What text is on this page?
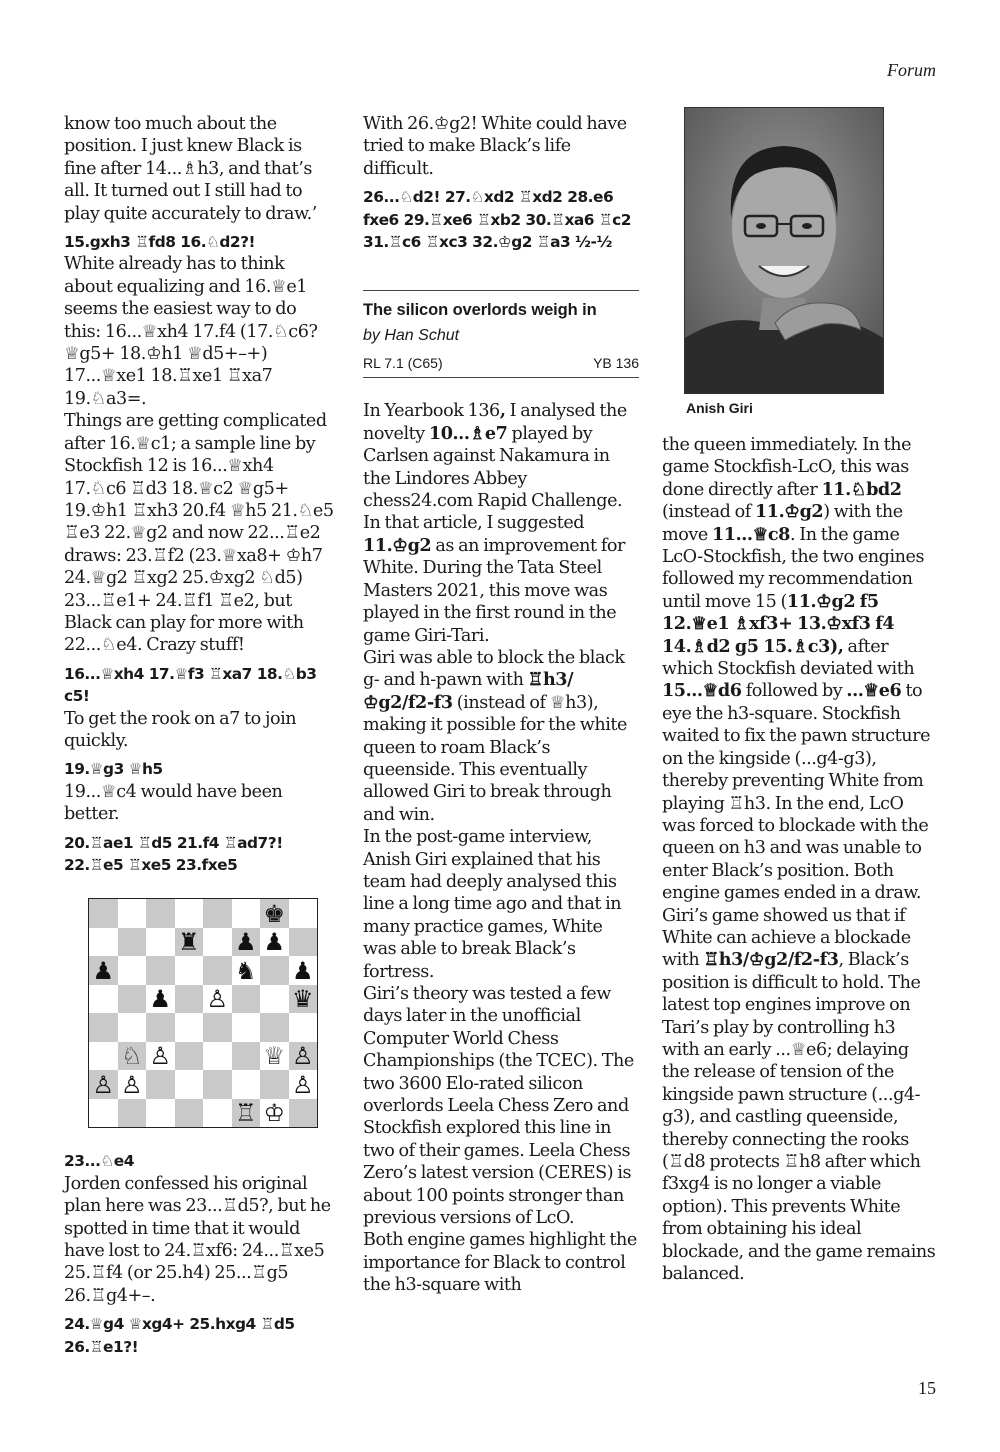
Forum
know too much about the position. I just knew Black is fine after 14...♗h3, and that’s all. It turned out I still had to play quite accurately to draw.’
15.gxh3 ♖fd8 16.♘d2?!
White already has to think about equalizing and 16.♕e1 seems the easiest way to do this: 16...♕xh4 17.f4 (17.♘c6? ♕g5+ 18.♔h1 ♕d5+–+) 17...♕xe1 18.♖xe1 ♖xa7 19.♘a3=.
Things are getting complicated after 16.♕c1; a sample line by Stockfish 12 is 16...♕xh4 17.♘c6 ♖d3 18.♕c2 ♕g5+ 19.♔h1 ♖xh3 20.f4 ♕h5 21.♘e5 ♖e3 22.♕g2 and now 22...♖e2 draws: 23.♖f2 (23.♕xa8+ ♔h7 24.♕g2 ♖xg2 25.♔xg2 ♘d5) 23...♖e1+ 24.♖f1 ♖e2, but Black can play for more with 22...♘e4. Crazy stuff!
16...♕xh4 17.♕f3 ♖xa7 18.♘b3 c5!
To get the rook on a7 to join quickly.
19.♕g3 ♕h5
19...♕c4 would have been better.
20.♖ae1 ♖d5 21.f4 ♖ad7?! 22.♖e5 ♖xe5 23.fxe5
♚
♜ ♟ ♟
♟	♞ ♟
♟ ♙	♛
♘ ♙	♕ ♙
♙ ♙	♙
♖ ♔
23...♘e4
Jorden confessed his original plan here was 23...♖d5?, but he spotted in time that it would have lost to 24.♖xf6: 24...♖xe5 25.♖f4 (or 25.h4) 25...♖g5 26.♖g4+–.
24.♕g4 ♕xg4+ 25.hxg4 ♖d5 26.♖e1?!
With 26.♔g2! White could have tried to make Black’s life difficult.
26...♘d2! 27.♘xd2 ♖xd2 28.e6 fxe6 29.♖xe6 ♖xb2 30.♖xa6 ♖c2 31.♖c6 ♖xc3 32.♔g2 ♖a3 ½-½
The silicon overlords weigh in
by Han Schut
RL 7.1 (C65)	YB 136
In Yearbook 136, I analysed the novelty 10...♗e7 played by Carlsen against Nakamura in the Lindores Abbey chess24.com Rapid Challenge. In that article, I suggested 11.♔g2 as an improvement for White. During the Tata Steel Masters 2021, this move was played in the first round in the game Giri-Tari.
Giri was able to block the black g- and h-pawn with ♖h3/♔g2/f2-f3 (instead of ♕h3), making it possible for the white queen to roam Black’s queenside. This eventually allowed Giri to break through and win.
In the post-game interview, Anish Giri explained that his team had deeply analysed this line a long time ago and that in many practice games, White was able to break Black’s fortress.
Giri’s theory was tested a few days later in the unofficial Computer World Chess Championships (the TCEC). The two 3600 Elo-rated silicon overlords Leela Chess Zero and Stockfish explored this line in two of their games. Leela Chess Zero’s latest version (CERES) is about 100 points stronger than previous versions of LcO.
Both engine games highlight the importance for Black to control the h3-square with
Anish Giri
the queen immediately. In the game Stockfish-LcO, this was done directly after 11.♘bd2 (instead of 11.♔g2) with the move 11...♕c8. In the game LcO-Stockfish, the two engines followed my recommendation until move 15 (11.♔g2 f5 12.♕e1 ♗xf3+ 13.♔xf3 f4 14.♗d2 g5 15.♗c3), after which Stockfish deviated with 15...♕d6 followed by ...♕e6 to eye the h3-square. Stockfish waited to fix the pawn structure on the kingside (...g4-g3), thereby preventing White from playing ♖h3. In the end, LcO was forced to blockade with the queen on h3 and was unable to enter Black’s position. Both engine games ended in a draw.
Giri’s game showed us that if White can achieve a blockade with ♖h3/♔g2/f2-f3, Black’s position is difficult to hold. The latest top engines improve on Tari’s play by controlling h3 with an early ...♕e6; delaying the release of tension of the kingside pawn structure (...g4-g3), and castling queenside, thereby connecting the rooks (♖d8 protects ♖h8 after which f3xg4 is no longer a viable option). This prevents White from obtaining his ideal blockade, and the game remains balanced.
15
